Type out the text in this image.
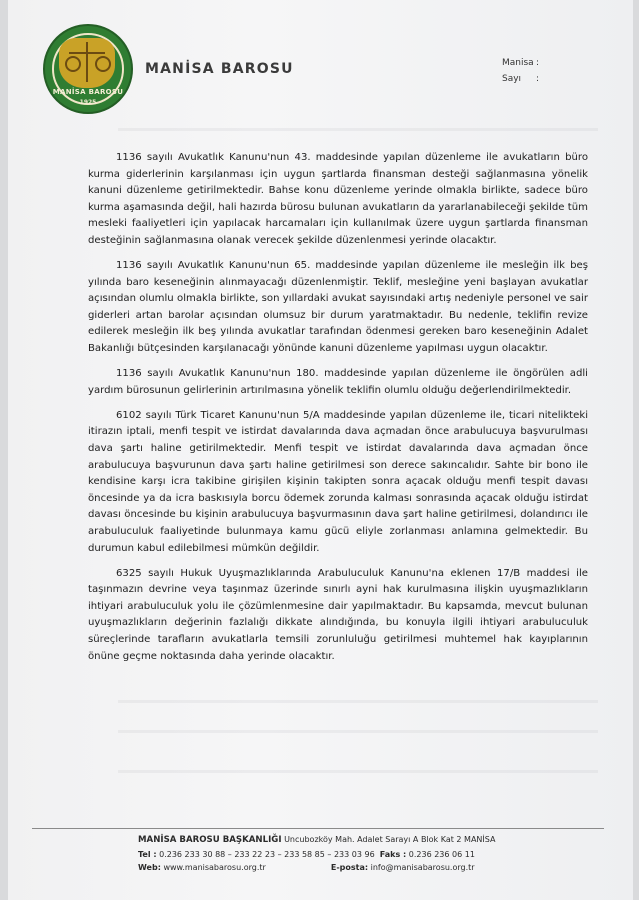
MANİSA BAROSU
1925
MANİSA BAROSU	Manisa :
Sayı :

1136 sayılı Avukatlık Kanunu'nun 43. maddesinde yapılan düzenleme ile avukatların büro kurma giderlerinin karşılanması için uygun şartlarda finansman desteği sağlanmasına yönelik kanuni düzenleme getirilmektedir. Bahse konu düzenleme yerinde olmakla birlikte, sadece büro kurma aşamasında değil, hali hazırda bürosu bulunan avukatların da yararlanabileceği şekilde tüm mesleki faaliyetleri için yapılacak harcamaları için kullanılmak üzere uygun şartlarda finansman desteğinin sağlanmasına olanak verecek şekilde düzenlenmesi yerinde olacaktır.

1136 sayılı Avukatlık Kanunu'nun 65. maddesinde yapılan düzenleme ile mesleğin ilk beş yılında baro keseneğinin alınmayacağı düzenlenmiştir. Teklif, mesleğine yeni başlayan avukatlar açısından olumlu olmakla birlikte, son yıllardaki avukat sayısındaki artış nedeniyle personel ve sair giderleri artan barolar açısından olumsuz bir durum yaratmaktadır. Bu nedenle, teklifin revize edilerek mesleğin ilk beş yılında avukatlar tarafından ödenmesi gereken baro keseneğinin Adalet Bakanlığı bütçesinden karşılanacağı yönünde kanuni düzenleme yapılması uygun olacaktır.

1136 sayılı Avukatlık Kanunu'nun 180. maddesinde yapılan düzenleme ile öngörülen adli yardım bürosunun gelirlerinin artırılmasına yönelik teklifin olumlu olduğu değerlendirilmektedir.

6102 sayılı Türk Ticaret Kanunu'nun 5/A maddesinde yapılan düzenleme ile, ticari nitelikteki itirazın iptali, menfi tespit ve istirdat davalarında dava açmadan önce arabulucuya başvurulması dava şartı haline getirilmektedir. Menfi tespit ve istirdat davalarında dava açmadan önce arabulucuya başvurunun dava şartı haline getirilmesi son derece sakıncalıdır. Sahte bir bono ile kendisine karşı icra takibine girişilen kişinin takipten sonra açacak olduğu menfi tespit davası öncesinde ya da icra baskısıyla borcu ödemek zorunda kalması sonrasında açacak olduğu istirdat davası öncesinde bu kişinin arabulucuya başvurmasının dava şart haline getirilmesi, dolandırıcı ile arabuluculuk faaliyetinde bulunmaya kamu gücü eliyle zorlanması anlamına gelmektedir. Bu durumun kabul edilebilmesi mümkün değildir.

6325 sayılı Hukuk Uyuşmazlıklarında Arabuluculuk Kanunu'na eklenen 17/B maddesi ile taşınmazın devrine veya taşınmaz üzerinde sınırlı ayni hak kurulmasına ilişkin uyuşmazlıkların ihtiyari arabuluculuk yolu ile çözümlenmesine dair yapılmaktadır. Bu kapsamda, mevcut bulunan uyuşmazlıkların değerinin fazlalığı dikkate alındığında, bu konuyla ilgili ihtiyari arabuluculuk süreçlerinde tarafların avukatlarla temsili zorunluluğu getirilmesi muhtemel hak kayıplarının önüne geçme noktasında daha yerinde olacaktır.

MANİSA BAROSU BAŞKANLIĞI Uncubozköy Mah. Adalet Sarayı A Blok Kat 2 MANİSA
Tel : 0.236 233 30 88 – 233 22 23 – 233 58 85 – 233 03 96 Faks : 0.236 236 06 11
Web: www.manisabarosu.org.tr	E-posta: info@manisabarosu.org.tr
